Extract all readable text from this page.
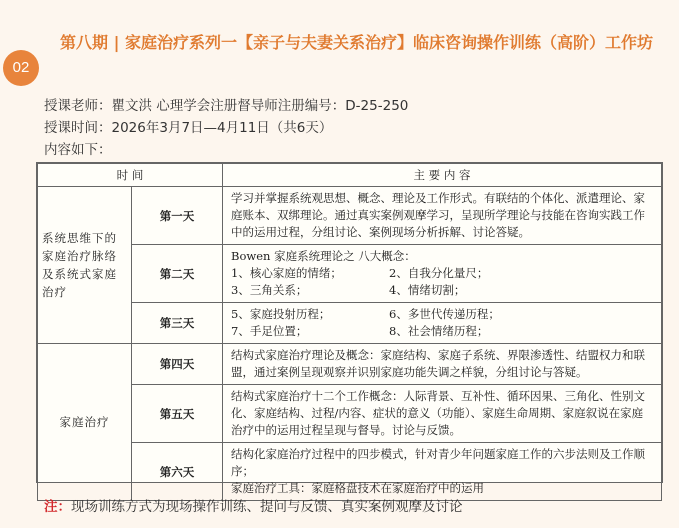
02
第八期 | 家庭治疗系列一【亲子与夫妻关系治疗】临床咨询操作训练（高阶）工作坊
授课老师：瞿文洪 心理学会注册督导师注册编号：D-25-250
授课时间：2026年3月7日—4月11日（共6天）
内容如下：
时 间		主 要 内 容
系统思维下的家庭治疗脉络及系统式家庭治疗	第一天	学习并掌握系统观思想、概念、理论及工作形式。有联结的个体化、派遣理论、家庭账本、双绑理论。通过真实案例观摩学习，呈现所学理论与技能在咨询实践工作中的运用过程，分组讨论、案例现场分析拆解、讨论答疑。
	第二天	Bowen 家庭系统理论之 八大概念：
1、核心家庭的情绪； 2、自我分化量尺；
3、三角关系； 4、情绪切割；

	第三天	5、家庭投射历程； 6、多世代传递历程；
7、手足位置； 8、社会情绪历程；

家庭治疗	第四天	结构式家庭治疗理论及概念：家庭结构、家庭子系统、界限渗透性、结盟权力和联盟，通过案例呈现观察并识别家庭功能失调之样貌，分组讨论与答疑。
	第五天	结构式家庭治疗十二个工作概念：人际背景、互补性、循环因果、三角化、性别文化、家庭结构、过程/内容、症状的意义（功能）、家庭生命周期、家庭叙说在家庭治疗中的运用过程呈现与督导。讨论与反馈。
	第六天	结构化家庭治疗过程中的四步模式，针对青少年问题家庭工作的六步法则及工作顺序；
家庭治疗工具：家庭格盘技术在家庭治疗中的运用
注：现场训练方式为现场操作训练、提问与反馈、真实案例观摩及讨论
